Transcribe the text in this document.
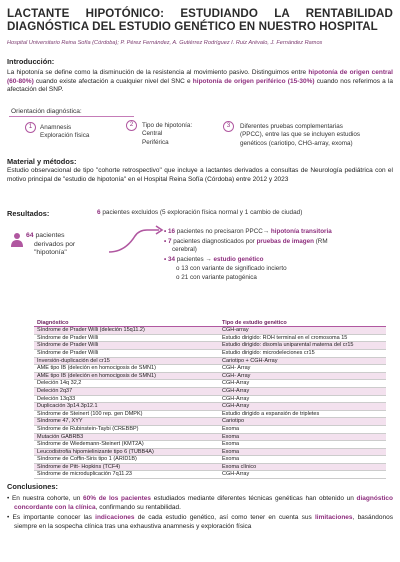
LACTANTE HIPOTÓNICO: ESTUDIANDO LA RENTABILIDAD DIAGNÓSTICA DEL ESTUDIO GENÉTICO EN NUESTRO HOSPITAL
Hospital Universitario Reina Sofía (Córdoba); P. Pérez Fernández, A. Gutiérrez Rodríguez I. Ruiz Arévalo, J. Fernández Ramos
Introducción:
La hipotonía se define como la disminución de la resistencia al movimiento pasivo. Distinguimos entre hipotonía de origen central (60-80%) cuando existe afectación a cualquier nivel del SNC e hipotonía de origen periférico (15-30%) cuando nos referimos a la afectación del SNP.
Orientación diagnóstica:
1	Anamnesis
Exploración física
2	Tipo de hipotonía:
Central
Periférica
3	Diferentes pruebas complementarias
(PPCC), entre las que se incluyen estudios
genéticos (cariotipo, CHG-array, exoma)
Material y métodos:
Estudio observacional de tipo "cohorte retrospectivo" que incluye a lactantes derivados a consultas de Neurología pediátrica con el motivo principal de "estudio de hipotonía" en el Hospital Reina Sofía (Córdoba) entre 2012 y 2023
Resultados:	6 pacientes excluidos (5 exploración física normal y 1 cambio de ciudad)
64 pacientes
derivados por
"hipotonía"
• 16 pacientes no precisaron PPCC→ hipotonía transitoria
• 7 pacientes diagnosticados por pruebas de imagen (RM
cerebral)
• 34 pacientes → estudio genético
o 13 con variante de significado incierto
o 21 con variante patogénica
Diagnóstico	Tipo de estudio genético
Síndrome de Prader Willi (deleción 15q11.2)	CGH-array
Síndrome de Prader Willi	Estudio dirigido: ROH terminal en el cromosoma 15
Síndrome de Prader Willi	Estudio dirigido: disomía uniparental materna del cr15
Síndrome de Prader Willi	Estudio dirigido: microdeleciones cr15
Inversión-duplicación del cr15	Cariotipo + CGH-Array
AME tipo IB (deleción en homocigosis de SMN1)	CGH- Array
AME tipo IB (deleción en homocigosis de SMN1)	CGH- Array
Deleción 14q 32,2	CGH-Array
Deleción 2q37	CGH-Array
Deleción 13q33	CGH-Array
Duplicación 3p14.3p12.1	CGH-Array
Síndrome de Steinert (100 rep. gen DMPK)	Estudio dirigido a expansión de tripletes
Síndrome 47, XYY	Cariotipo
Síndrome de Rubinstein-Taybi (CREBBP)	Exoma
Mutación GABRB3	Exoma
Síndrome de Wiedemann-Steinert (KMT2A)	Exoma
Leucodistrofia hipomielinizante tipo 6 (TUBB4A)	Exoma
Síndrome de Coffin-Siris tipo 1 (ARID1B)	Exoma
Síndrome de Pitt- Hopkins (TCF4)	Exoma clínico
Síndrome de microduplicación 7q11.23	CGH-Array
Conclusiones:
• En nuestra cohorte, un 60% de los pacientes estudiados mediante diferentes técnicas genéticas han obtenido un diagnóstico concordante con la clínica, confirmando su rentabilidad.
• Es importante conocer las indicaciones de cada estudio genético, así como tener en cuenta sus limitaciones, basándonos siempre en la sospecha clínica tras una exhaustiva anamnesis y exploración física
